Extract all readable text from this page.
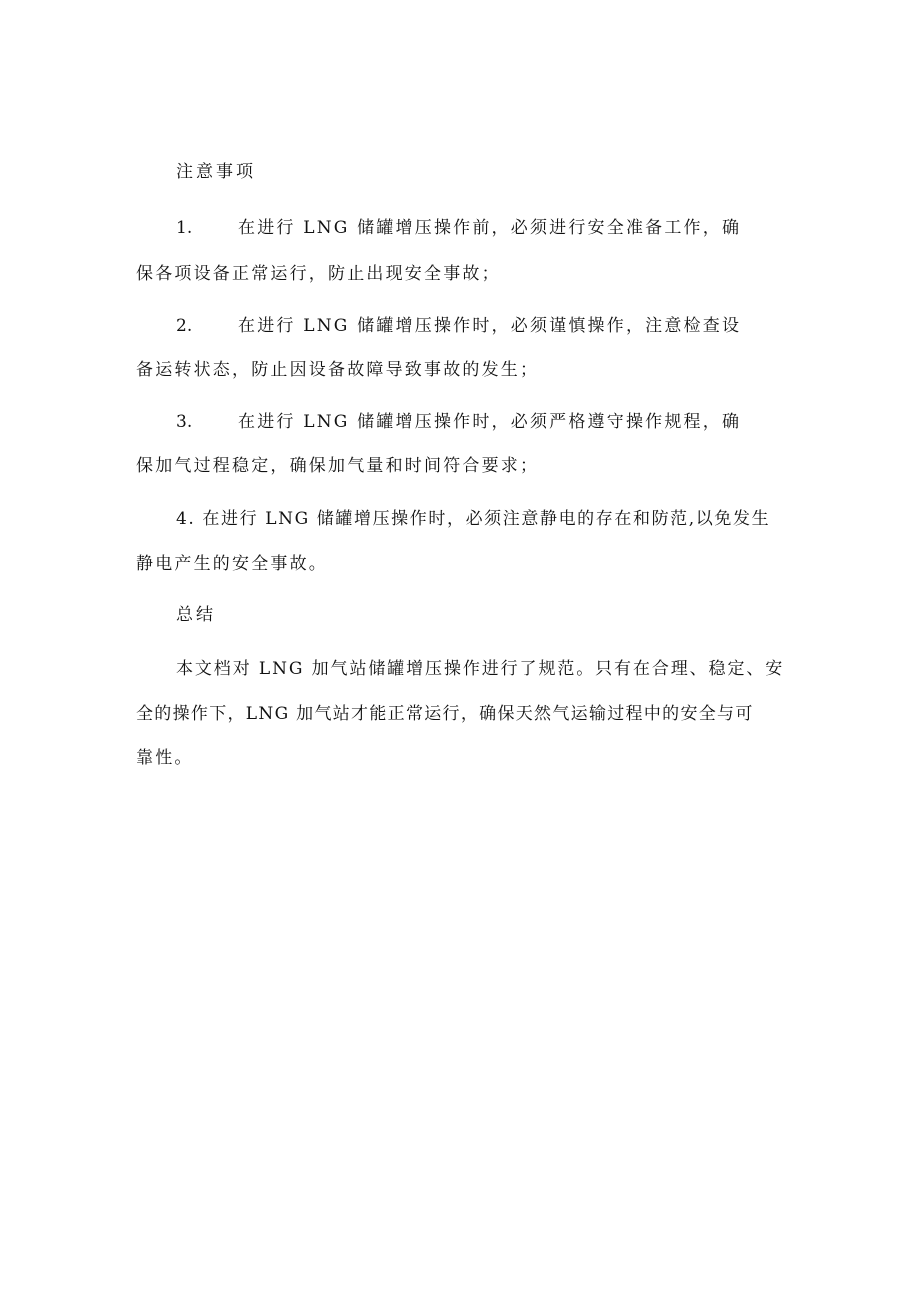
注意事项
1.	在进行 LNG 储罐增压操作前，必须进行安全准备工作，确
保各项设备正常运行，防止出现安全事故；
2.	在进行 LNG 储罐增压操作时，必须谨慎操作，注意检查设
备运转状态，防止因设备故障导致事故的发生；
3.	在进行 LNG 储罐增压操作时，必须严格遵守操作规程，确
保加气过程稳定，确保加气量和时间符合要求；
4. 在进行 LNG 储罐增压操作时，必须注意静电的存在和防范,以免发生
静电产生的安全事故。
总结
本文档对 LNG 加气站储罐增压操作进行了规范。只有在合理、稳定、安
全的操作下，LNG 加气站才能正常运行，确保天然气运输过程中的安全与可
靠性。
